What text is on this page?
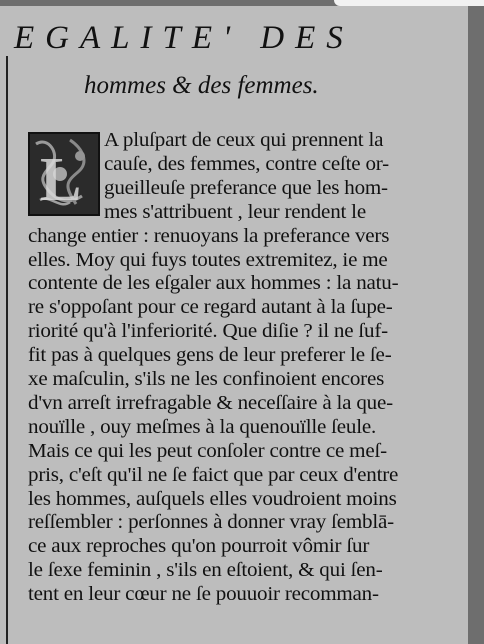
EGALITE' DES
hommes & des femmes.
L
A pluſpart de ceux qui prennent la
cauſe, des femmes, contre ceſte or-
gueilleuſe preferance que les hom-
mes s'attribuent , leur rendent le
change entier : renuoyans la preferance vers
elles. Moy qui fuys toutes extremitez, ie me
contente de les eſgaler aux hommes : la natu-
re s'oppoſant pour ce regard autant à la ſupe-
riorité qu'à l'inferiorité. Que diſie ? il ne ſuf-
fit pas à quelques gens de leur preferer le ſe-
xe maſculin, s'ils ne les confinoient encores
d'vn arreſt irrefragable & neceſſaire à la que-
nouïlle , ouy meſmes à la quenouïlle ſeule.
Mais ce qui les peut conſoler contre ce meſ-
pris, c'eſt qu'il ne ſe faict que par ceux d'entre
les hommes, auſquels elles voudroient moins
reſſembler : perſonnes à donner vray ſemblā-
ce aux reproches qu'on pourroit vômir ſur
le ſexe feminin , s'ils en eſtoient, & qui ſen-
tent en leur cœur ne ſe pouuoir recomman-
